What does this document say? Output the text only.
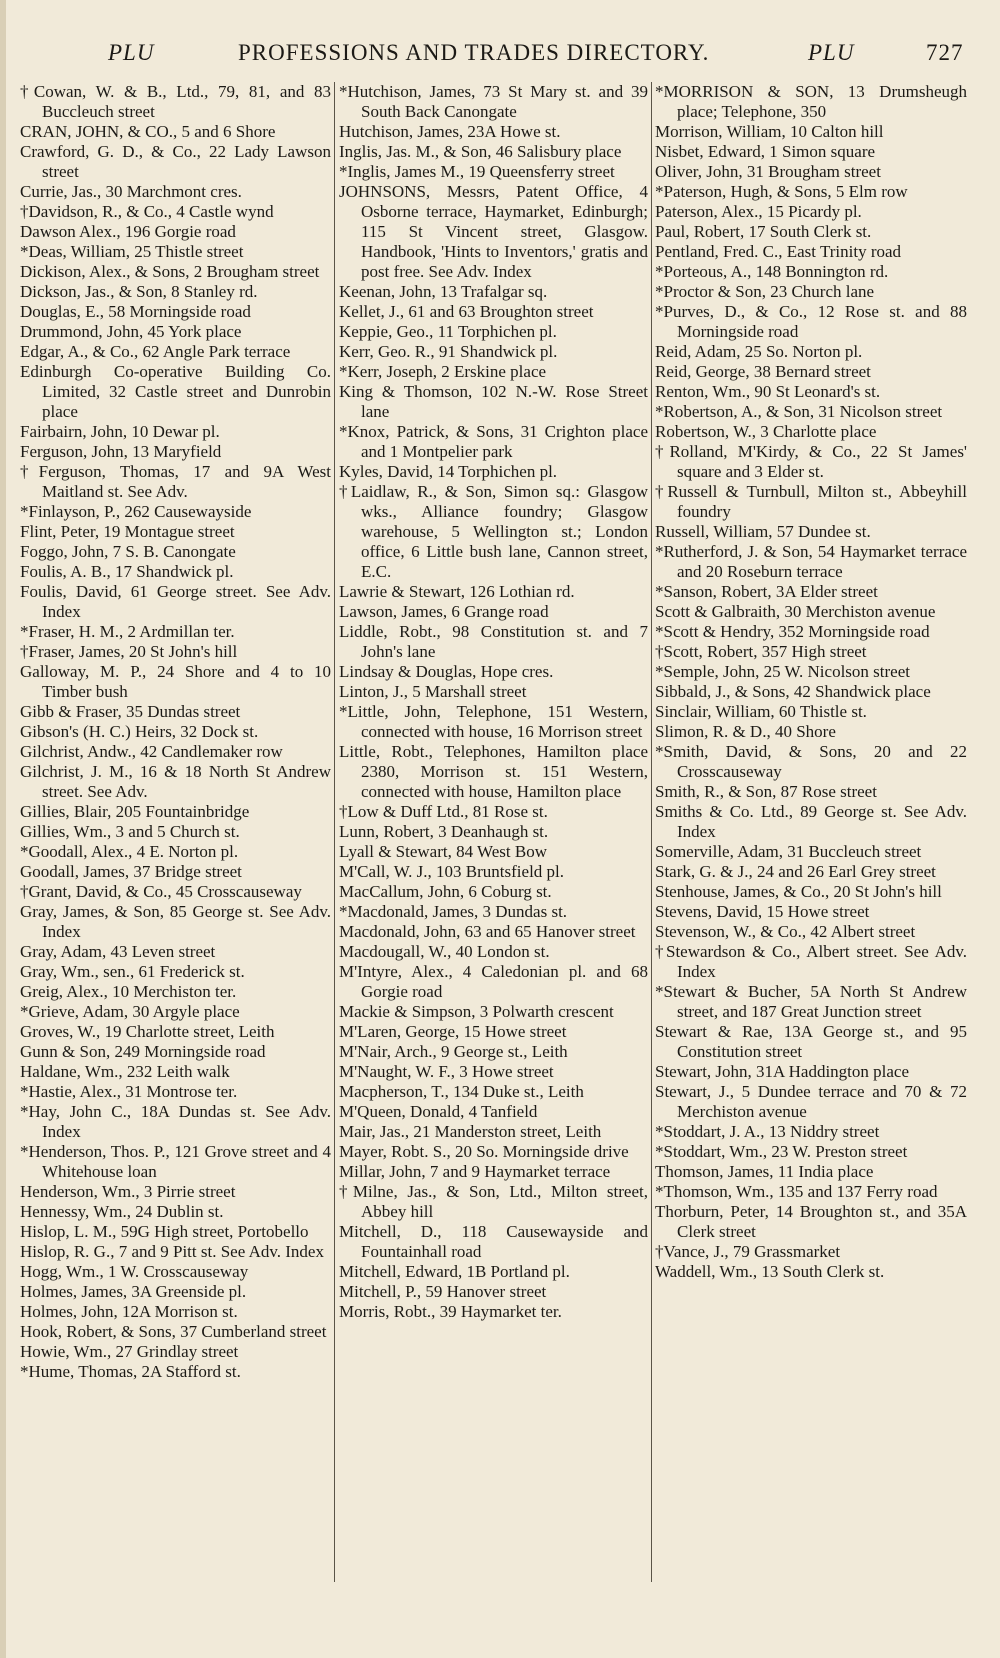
PLU	PROFESSIONS AND TRADES DIRECTORY.	PLU	727

†Cowan, W. & B., Ltd., 79, 81, and 83 Buccleuch street

CRAN, JOHN, & CO., 5 and 6 Shore

Crawford, G. D., & Co., 22 Lady Lawson street

Currie, Jas., 30 Marchmont cres.

†Davidson, R., & Co., 4 Castle wynd

Dawson Alex., 196 Gorgie road

*Deas, William, 25 Thistle street

Dickison, Alex., & Sons, 2 Brougham street

Dickson, Jas., & Son, 8 Stanley rd.

Douglas, E., 58 Morningside road

Drummond, John, 45 York place

Edgar, A., & Co., 62 Angle Park terrace

Edinburgh Co-operative Building Co. Limited, 32 Castle street and Dunrobin place

Fairbairn, John, 10 Dewar pl.

Ferguson, John, 13 Maryfield

†Ferguson, Thomas, 17 and 9A West Maitland st. See Adv.

*Finlayson, P., 262 Causewayside

Flint, Peter, 19 Montague street

Foggo, John, 7 S. B. Canongate

Foulis, A. B., 17 Shandwick pl.

Foulis, David, 61 George street. See Adv. Index

*Fraser, H. M., 2 Ardmillan ter.

†Fraser, James, 20 St John's hill

Galloway, M. P., 24 Shore and 4 to 10 Timber bush

Gibb & Fraser, 35 Dundas street

Gibson's (H. C.) Heirs, 32 Dock st.

Gilchrist, Andw., 42 Candlemaker row

Gilchrist, J. M., 16 & 18 North St Andrew street. See Adv.

Gillies, Blair, 205 Fountainbridge

Gillies, Wm., 3 and 5 Church st.

*Goodall, Alex., 4 E. Norton pl.

Goodall, James, 37 Bridge street

†Grant, David, & Co., 45 Crosscauseway

Gray, James, & Son, 85 George st. See Adv. Index

Gray, Adam, 43 Leven street

Gray, Wm., sen., 61 Frederick st.

Greig, Alex., 10 Merchiston ter.

*Grieve, Adam, 30 Argyle place

Groves, W., 19 Charlotte street, Leith

Gunn & Son, 249 Morningside road

Haldane, Wm., 232 Leith walk

*Hastie, Alex., 31 Montrose ter.

*Hay, John C., 18A Dundas st. See Adv. Index

*Henderson, Thos. P., 121 Grove street and 4 Whitehouse loan

Henderson, Wm., 3 Pirrie street

Hennessy, Wm., 24 Dublin st.

Hislop, L. M., 59G High street, Portobello

Hislop, R. G., 7 and 9 Pitt st. See Adv. Index

Hogg, Wm., 1 W. Crosscauseway

Holmes, James, 3A Greenside pl.

Holmes, John, 12A Morrison st.

Hook, Robert, & Sons, 37 Cumberland street

Howie, Wm., 27 Grindlay street

*Hume, Thomas, 2A Stafford st.

*Hutchison, James, 73 St Mary st. and 39 South Back Canongate

Hutchison, James, 23A Howe st.

Inglis, Jas. M., & Son, 46 Salisbury place

*Inglis, James M., 19 Queensferry street

JOHNSONS, Messrs, Patent Office, 4 Osborne terrace, Haymarket, Edinburgh; 115 St Vincent street, Glasgow. Handbook, 'Hints to Inventors,' gratis and post free. See Adv. Index

Keenan, John, 13 Trafalgar sq.

Kellet, J., 61 and 63 Broughton street

Keppie, Geo., 11 Torphichen pl.

Kerr, Geo. R., 91 Shandwick pl.

*Kerr, Joseph, 2 Erskine place

King & Thomson, 102 N.-W. Rose Street lane

*Knox, Patrick, & Sons, 31 Crighton place and 1 Montpelier park

Kyles, David, 14 Torphichen pl.

†Laidlaw, R., & Son, Simon sq.: Glasgow wks., Alliance foundry; Glasgow warehouse, 5 Wellington st.; London office, 6 Little bush lane, Cannon street, E.C.

Lawrie & Stewart, 126 Lothian rd.

Lawson, James, 6 Grange road

Liddle, Robt., 98 Constitution st. and 7 John's lane

Lindsay & Douglas, Hope cres.

Linton, J., 5 Marshall street

*Little, John, Telephone, 151 Western, connected with house, 16 Morrison street

Little, Robt., Telephones, Hamilton place 2380, Morrison st. 151 Western, connected with house, Hamilton place

†Low & Duff Ltd., 81 Rose st.

Lunn, Robert, 3 Deanhaugh st.

Lyall & Stewart, 84 West Bow

M'Call, W. J., 103 Bruntsfield pl.

MacCallum, John, 6 Coburg st.

*Macdonald, James, 3 Dundas st.

Macdonald, John, 63 and 65 Hanover street

Macdougall, W., 40 London st.

M'Intyre, Alex., 4 Caledonian pl. and 68 Gorgie road

Mackie & Simpson, 3 Polwarth crescent

M'Laren, George, 15 Howe street

M'Nair, Arch., 9 George st., Leith

M'Naught, W. F., 3 Howe street

Macpherson, T., 134 Duke st., Leith

M'Queen, Donald, 4 Tanfield

Mair, Jas., 21 Manderston street, Leith

Mayer, Robt. S., 20 So. Morningside drive

Millar, John, 7 and 9 Haymarket terrace

†Milne, Jas., & Son, Ltd., Milton street, Abbey hill

Mitchell, D., 118 Causewayside and Fountainhall road

Mitchell, Edward, 1B Portland pl.

Mitchell, P., 59 Hanover street

Morris, Robt., 39 Haymarket ter.

*MORRISON & SON, 13 Drumsheugh place; Telephone, 350

Morrison, William, 10 Calton hill

Nisbet, Edward, 1 Simon square

Oliver, John, 31 Brougham street

*Paterson, Hugh, & Sons, 5 Elm row

Paterson, Alex., 15 Picardy pl.

Paul, Robert, 17 South Clerk st.

Pentland, Fred. C., East Trinity road

*Porteous, A., 148 Bonnington rd.

*Proctor & Son, 23 Church lane

*Purves, D., & Co., 12 Rose st. and 88 Morningside road

Reid, Adam, 25 So. Norton pl.

Reid, George, 38 Bernard street

Renton, Wm., 90 St Leonard's st.

*Robertson, A., & Son, 31 Nicolson street

Robertson, W., 3 Charlotte place

†Rolland, M'Kirdy, & Co., 22 St James' square and 3 Elder st.

†Russell & Turnbull, Milton st., Abbeyhill foundry

Russell, William, 57 Dundee st.

*Rutherford, J. & Son, 54 Haymarket terrace and 20 Roseburn terrace

*Sanson, Robert, 3A Elder street

Scott & Galbraith, 30 Merchiston avenue

*Scott & Hendry, 352 Morningside road

†Scott, Robert, 357 High street

*Semple, John, 25 W. Nicolson street

Sibbald, J., & Sons, 42 Shandwick place

Sinclair, William, 60 Thistle st.

Slimon, R. & D., 40 Shore

*Smith, David, & Sons, 20 and 22 Crosscauseway

Smith, R., & Son, 87 Rose street

Smiths & Co. Ltd., 89 George st. See Adv. Index

Somerville, Adam, 31 Buccleuch street

Stark, G. & J., 24 and 26 Earl Grey street

Stenhouse, James, & Co., 20 St John's hill

Stevens, David, 15 Howe street

Stevenson, W., & Co., 42 Albert street

†Stewardson & Co., Albert street. See Adv. Index

*Stewart & Bucher, 5A North St Andrew street, and 187 Great Junction street

Stewart & Rae, 13A George st., and 95 Constitution street

Stewart, John, 31A Haddington place

Stewart, J., 5 Dundee terrace and 70 & 72 Merchiston avenue

*Stoddart, J. A., 13 Niddry street

*Stoddart, Wm., 23 W. Preston street

Thomson, James, 11 India place

*Thomson, Wm., 135 and 137 Ferry road

Thorburn, Peter, 14 Broughton st., and 35A Clerk street

†Vance, J., 79 Grassmarket

Waddell, Wm., 13 South Clerk st.
